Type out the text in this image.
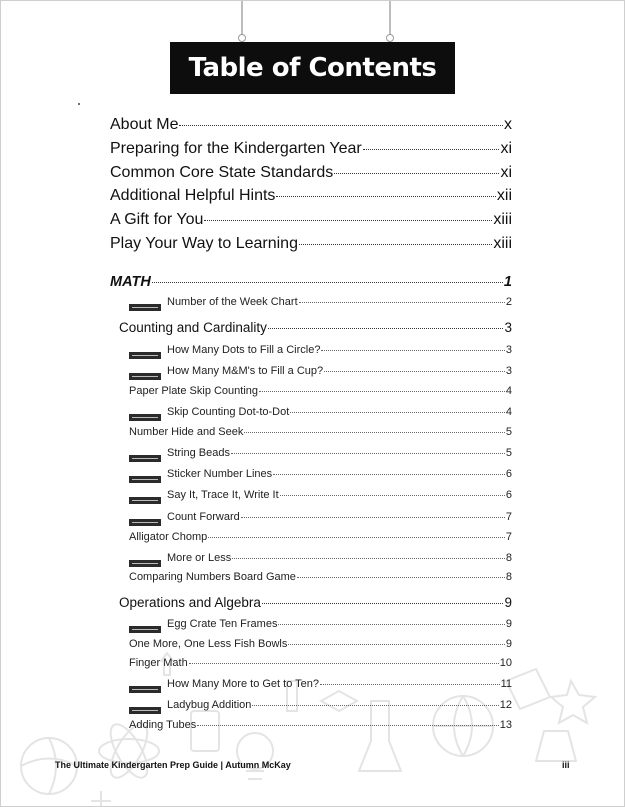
Table of Contents
About Me	x
Preparing for the Kindergarten Year	xi
Common Core State Standards	xi
Additional Helpful Hints	xii
A Gift for You	xiii
Play Your Way to Learning	xiii
MATH	1
Number of the Week Chart	2
Counting and Cardinality	3
How Many Dots to Fill a Circle?	3
How Many M&M's to Fill a Cup?	3
Paper Plate Skip Counting	4
Skip Counting Dot-to-Dot	4
Number Hide and Seek	5
String Beads	5
Sticker Number Lines	6
Say It, Trace It, Write It	6
Count Forward	7
Alligator Chomp	7
More or Less	8
Comparing Numbers Board Game	8
Operations and Algebra	9
Egg Crate Ten Frames	9
One More, One Less Fish Bowls	9
Finger Math	10
How Many More to Get to Ten?	11
Ladybug Addition	12
Adding Tubes	13
The Ultimate Kindergarten Prep Guide | Autumn McKay	iii
